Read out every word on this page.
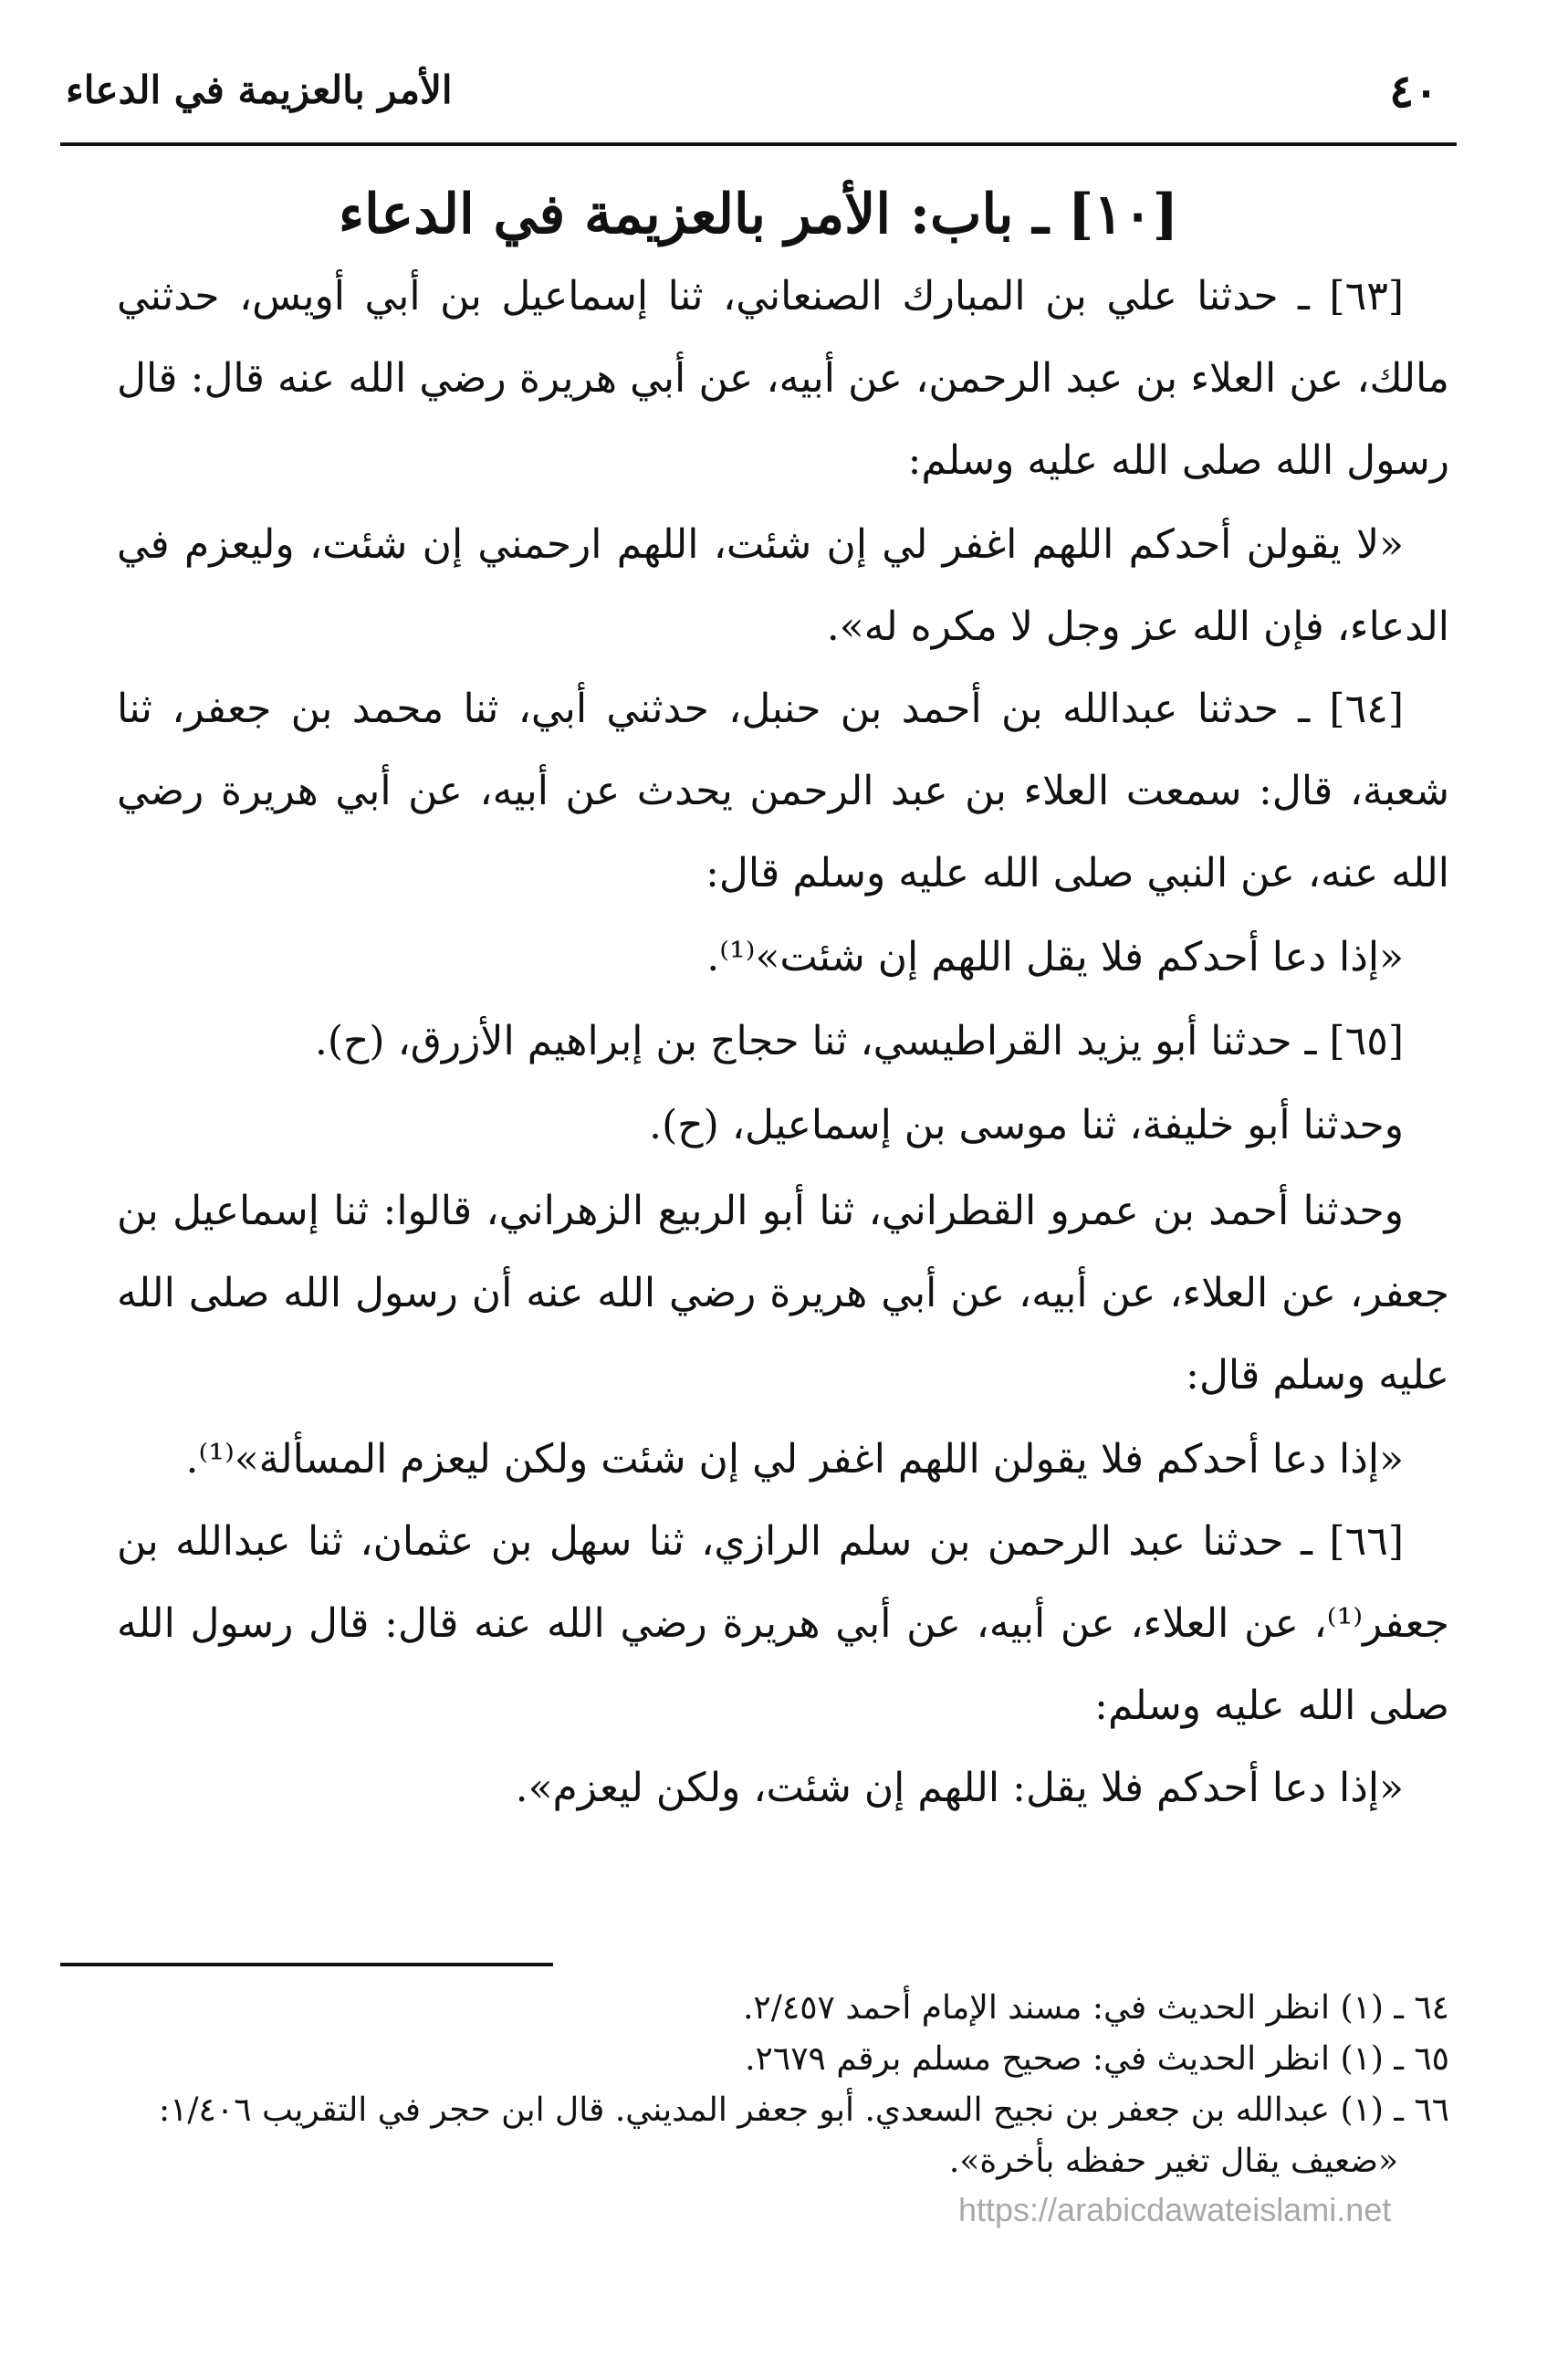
٤٠
الأمر بالعزيمة في الدعاء
[١٠] ـ باب: الأمر بالعزيمة في الدعاء

[٦٣] ـ حدثنا علي بن المبارك الصنعاني، ثنا إسماعيل بن أبي أويس، حدثني مالك، عن العلاء بن عبد الرحمن، عن أبيه، عن أبي هريرة رضي الله عنه قال: قال رسول الله صلى الله عليه وسلم:

«لا يقولن أحدكم اللهم اغفر لي إن شئت، اللهم ارحمني إن شئت، وليعزم في الدعاء، فإن الله عز وجل لا مكره له».

[٦٤] ـ حدثنا عبدالله بن أحمد بن حنبل، حدثني أبي، ثنا محمد بن جعفر، ثنا شعبة، قال: سمعت العلاء بن عبد الرحمن يحدث عن أبيه، عن أبي هريرة رضي الله عنه، عن النبي صلى الله عليه وسلم قال:

«إذا دعا أحدكم فلا يقل اللهم إن شئت»⁽¹⁾.

[٦٥] ـ حدثنا أبو يزيد القراطيسي، ثنا حجاج بن إبراهيم الأزرق، (ح).

وحدثنا أبو خليفة، ثنا موسى بن إسماعيل، (ح).

وحدثنا أحمد بن عمرو القطراني، ثنا أبو الربيع الزهراني، قالوا: ثنا إسماعيل بن جعفر، عن العلاء، عن أبيه، عن أبي هريرة رضي الله عنه أن رسول الله صلى الله عليه وسلم قال:

«إذا دعا أحدكم فلا يقولن اللهم اغفر لي إن شئت ولكن ليعزم المسألة»⁽¹⁾.

[٦٦] ـ حدثنا عبد الرحمن بن سلم الرازي، ثنا سهل بن عثمان، ثنا عبدالله بن جعفر⁽¹⁾، عن العلاء، عن أبيه، عن أبي هريرة رضي الله عنه قال: قال رسول الله صلى الله عليه وسلم:

«إذا دعا أحدكم فلا يقل: اللهم إن شئت، ولكن ليعزم».

٦٤ ـ (١) انظر الحديث في: مسند الإمام أحمد ٢/٤٥٧.
٦٥ ـ (١) انظر الحديث في: صحيح مسلم برقم ٢٦٧٩.
٦٦ ـ (١) عبدالله بن جعفر بن نجيح السعدي. أبو جعفر المديني. قال ابن حجر في التقريب ١/٤٠٦:
«ضعيف يقال تغير حفظه بأخرة».
https://arabicdawateislami.net
